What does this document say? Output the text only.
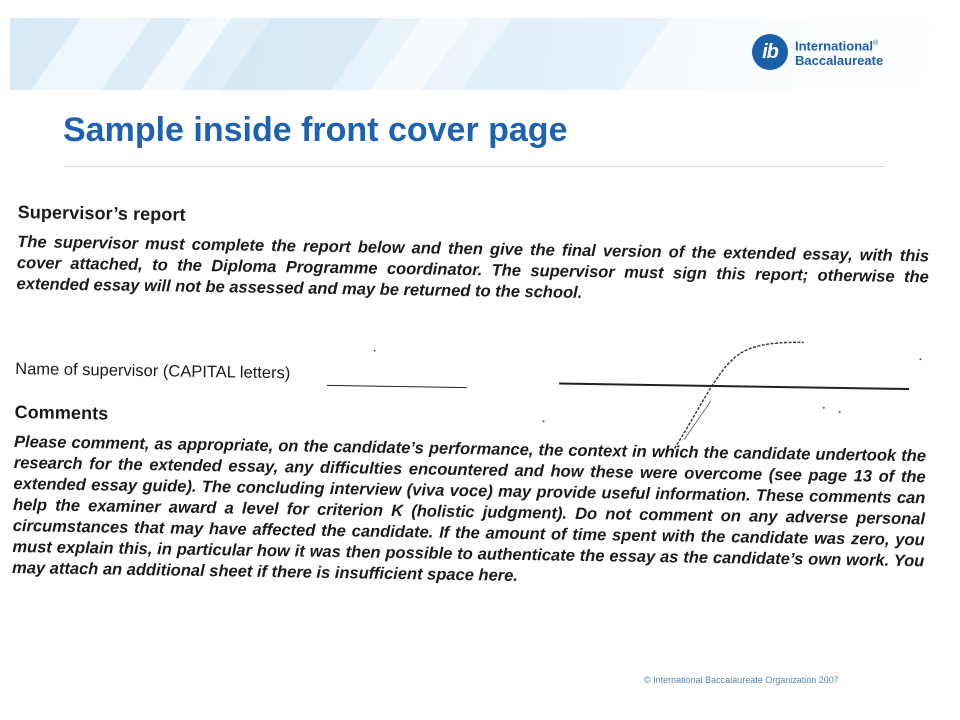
ib	International®
Baccalaureate
Sample inside front cover page
Supervisor’s report

The supervisor must complete the report below and then give the final version of the extended essay, with this cover attached, to the Diploma Programme coordinator. The supervisor must sign this report; otherwise the extended essay will not be assessed and may be returned to the school.

Name of supervisor (CAPITAL letters)
Comments

Please comment, as appropriate, on the candidate’s performance, the context in which the candidate undertook the research for the extended essay, any difficulties encountered and how these were overcome (see page 13 of the extended essay guide). The concluding interview (viva voce) may provide useful information. These comments can help the examiner award a level for criterion K (holistic judgment). Do not comment on any adverse personal circumstances that may have affected the candidate. If the amount of time spent with the candidate was zero, you must explain this, in particular how it was then possible to authenticate the essay as the candidate’s own work. You may attach an additional sheet if there is insufficient space here.

© International Baccalaureate Organization 2007
